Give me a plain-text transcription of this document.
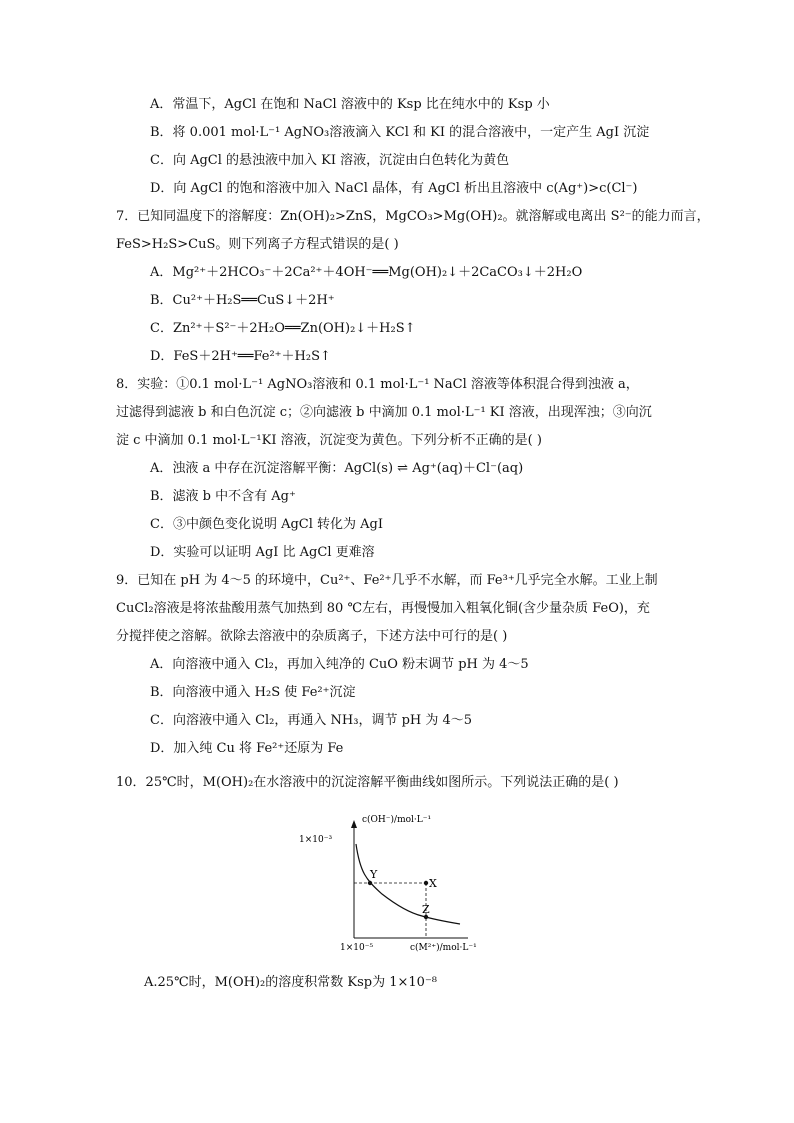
A．常温下，AgCl 在饱和 NaCl 溶液中的 Ksp 比在纯水中的 Ksp 小
B．将 0.001 mol·L⁻¹ AgNO₃溶液滴入 KCl 和 KI 的混合溶液中，一定产生 AgI 沉淀
C．向 AgCl 的悬浊液中加入 KI 溶液，沉淀由白色转化为黄色
D．向 AgCl 的饱和溶液中加入 NaCl 晶体，有 AgCl 析出且溶液中 c(Ag⁺)>c(Cl⁻)
7．已知同温度下的溶解度：Zn(OH)₂>ZnS，MgCO₃>Mg(OH)₂。就溶解或电离出 S²⁻的能力而言，
FeS>H₂S>CuS。则下列离子方程式错误的是( )
A．Mg²⁺＋2HCO₃⁻＋2Ca²⁺＋4OH⁻══Mg(OH)₂↓＋2CaCO₃↓＋2H₂O
B．Cu²⁺＋H₂S══CuS↓＋2H⁺
C．Zn²⁺＋S²⁻＋2H₂O══Zn(OH)₂↓＋H₂S↑
D．FeS＋2H⁺══Fe²⁺＋H₂S↑
8．实验：①0.1 mol·L⁻¹ AgNO₃溶液和 0.1 mol·L⁻¹ NaCl 溶液等体积混合得到浊液 a，
过滤得到滤液 b 和白色沉淀 c；②向滤液 b 中滴加 0.1 mol·L⁻¹ KI 溶液，出现浑浊；③向沉
淀 c 中滴加 0.1 mol·L⁻¹KI 溶液，沉淀变为黄色。下列分析不正确的是( )
A．浊液 a 中存在沉淀溶解平衡：AgCl(s) ⇌ Ag⁺(aq)＋Cl⁻(aq)
B．滤液 b 中不含有 Ag⁺
C．③中颜色变化说明 AgCl 转化为 AgI
D．实验可以证明 AgI 比 AgCl 更难溶
9．已知在 pH 为 4～5 的环境中，Cu²⁺、Fe²⁺几乎不水解，而 Fe³⁺几乎完全水解。工业上制
CuCl₂溶液是将浓盐酸用蒸气加热到 80 ℃左右，再慢慢加入粗氧化铜(含少量杂质 FeO)，充
分搅拌使之溶解。欲除去溶液中的杂质离子，下述方法中可行的是( )
A．向溶液中通入 Cl₂，再加入纯净的 CuO 粉末调节 pH 为 4～5
B．向溶液中通入 H₂S 使 Fe²⁺沉淀
C．向溶液中通入 Cl₂，再通入 NH₃，调节 pH 为 4～5
D．加入纯 Cu 将 Fe²⁺还原为 Fe
10．25℃时，M(OH)₂在水溶液中的沉淀溶解平衡曲线如图所示。下列说法正确的是( )
Y
X
Z
c(OH⁻)/mol·L⁻¹
c(M²⁺)/mol·L⁻¹
1×10⁻³
1×10⁻⁵
A.25℃时，M(OH)₂的溶度积常数 Ksp为 1×10⁻⁸
